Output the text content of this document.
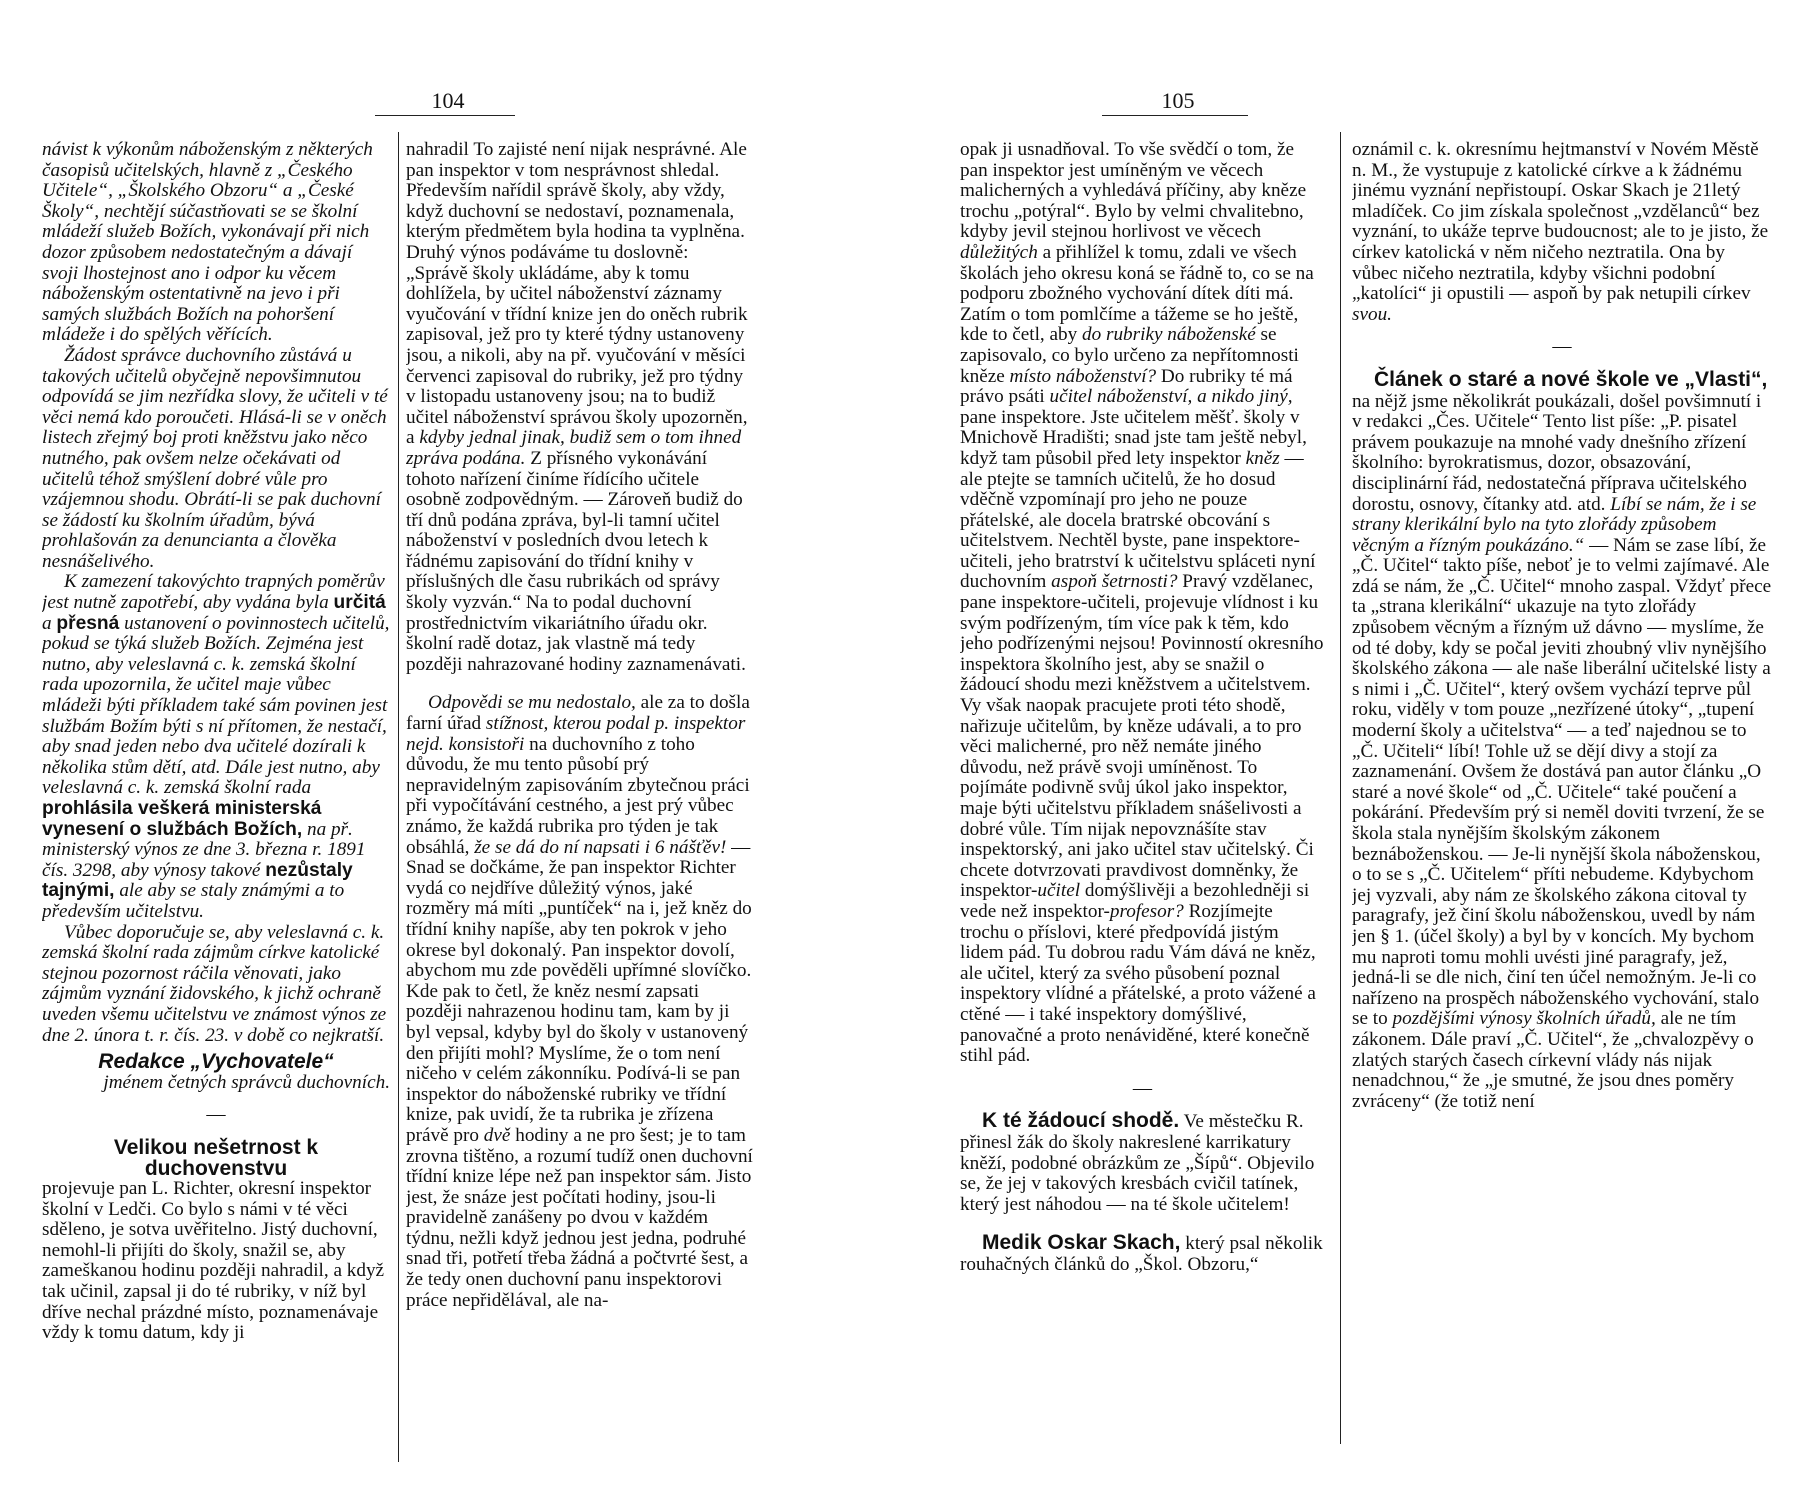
104

návist k výkonům náboženským z některých časopisů učitelských, hlavně z „Českého Učitele“, „Školského Obzoru“ a „České Školy“, nechtějí súčastňovati se se školní mládeží služeb Božích, vykonávají při nich dozor způsobem nedostatečným a dávají svoji lhostejnost ano i odpor ku věcem náboženským ostentativně na jevo i při samých službách Božích na pohoršení mládeže i do spělých věřících.

Žádost správce duchovního zůstává u takových učitelů obyčejně nepovšimnutou odpovídá se jim nezřídka slovy, že učiteli v té věci nemá kdo poroučeti. Hlásá-li se v oněch listech zřejmý boj proti kněžstvu jako něco nutného, pak ovšem nelze očekávati od učitelů téhož smýšlení dobré vůle pro vzájemnou shodu. Obrátí-li se pak duchovní se žádostí ku školním úřadům, bývá prohlašován za denuncianta a člověka nesnášelivého.

K zamezení takovýchto trapných poměrův jest nutně zapotřebí, aby vydána byla určitá a přesná ustanovení o povinnostech učitelů, pokud se týká služeb Božích. Zejména jest nutno, aby veleslavná c. k. zemská školní rada upozornila, že učitel maje vůbec mládeži býti příkladem také sám povinen jest službám Božím býti s ní přítomen, že nestačí, aby snad jeden nebo dva učitelé dozírali k několika stům dětí, atd. Dále jest nutno, aby veleslavná c. k. zemská školní rada prohlásila veškerá ministerská vynesení o službách Božích, na př. ministerský výnos ze dne 3. března r. 1891 čís. 3298, aby výnosy takové nezůstaly tajnými, ale aby se staly známými a to především učitelstvu.

Vůbec doporučuje se, aby veleslavná c. k. zemská školní rada zájmům církve katolické stejnou pozornost ráčila věnovati, jako zájmům vyznání židovského, k jichž ochraně uveden všemu učitelstvu ve známost výnos ze dne 2. února t. r. čís. 23. v době co nejkratší.

Redakce „Vychovatele“
jménem četných správců duchovních.
—
Velikou nešetrnost k duchovenstvu

projevuje pan L. Richter, okresní inspektor školní v Ledči. Co bylo s námi v té věci sděleno, je sotva uvěřitelno. Jistý duchovní, nemohl-li přijíti do školy, snažil se, aby zameškanou hodinu později nahradil, a když tak učinil, zapsal ji do té rubriky, v níž byl dříve nechal prázdné místo, poznamenávaje vždy k tomu datum, kdy ji

nahradil To zajisté není nijak nesprávné. Ale pan inspektor v tom nesprávnost shledal. Především nařídil správě školy, aby vždy, když duchovní se nedostaví, poznamenala, kterým předmětem byla hodina ta vyplněna. Druhý výnos podáváme tu doslovně: „Správě školy ukládáme, aby k tomu dohlížela, by učitel náboženství záznamy vyučování v třídní knize jen do oněch rubrik zapisoval, jež pro ty které týdny ustanoveny jsou, a nikoli, aby na př. vyučování v měsíci červenci zapisoval do rubriky, jež pro týdny v listopadu ustanoveny jsou; na to budiž učitel náboženství správou školy upozorněn, a kdyby jednal jinak, budiž sem o tom ihned zpráva podána. Z přísného vykonávání tohoto nařízení činíme řídícího učitele osobně zodpovědným. — Zároveň budiž do tří dnů podána zpráva, byl-li tamní učitel náboženství v posledních dvou letech k řádnému zapisování do třídní knihy v příslušných dle času rubrikách od správy školy vyzván.“ Na to podal duchovní prostřednictvím vikariátního úřadu okr. školní radě dotaz, jak vlastně má tedy později nahrazované hodiny zaznamenávati.

Odpovědi se mu nedostalo, ale za to došla farní úřad stížnost, kterou podal p. inspektor nejd. konsistoři na duchovního z toho důvodu, že mu tento působí prý nepravidelným zapisováním zbytečnou práci při vypočítávání cestného, a jest prý vůbec známo, že každá rubrika pro týden je tak obsáhlá, že se dá do ní napsati i 6 nášťěv! — Snad se dočkáme, že pan inspektor Richter vydá co nejdříve důležitý výnos, jaké rozměry má míti „puntíček“ na i, jež kněz do třídní knihy napíše, aby ten pokrok v jeho okrese byl dokonalý. Pan inspektor dovolí, abychom mu zde pověděli upřímné slovíčko. Kde pak to četl, že kněz nesmí zapsati později nahrazenou hodinu tam, kam by ji byl vepsal, kdyby byl do školy v ustanovený den přijíti mohl? Myslíme, že o tom není ničeho v celém zákonníku. Podívá-li se pan inspektor do náboženské rubriky ve třídní knize, pak uvidí, že ta rubrika je zřízena právě pro dvě hodiny a ne pro šest; je to tam zrovna tištěno, a rozumí tudíž onen duchovní třídní knize lépe než pan inspektor sám. Jisto jest, že snáze jest počítati hodiny, jsou-li pravidelně zanášeny po dvou v každém týdnu, nežli když jednou jest jedna, podruhé snad tři, potřetí třeba žádná a počtvrté šest, a že tedy onen duchovní panu inspektorovi práce nepřidělával, ale na-

105

opak ji usnadňoval. To vše svědčí o tom, že pan inspektor jest umíněným ve věcech malicherných a vyhledává příčiny, aby kněze trochu „potýral“. Bylo by velmi chvalitebno, kdyby jevil stejnou horlivost ve věcech důležitých a přihlížel k tomu, zdali ve všech školách jeho okresu koná se řádně to, co se na podporu zbožného vychování dítek díti má. Zatím o tom pomlčíme a tážeme se ho ještě, kde to četl, aby do rubriky náboženské se zapisovalo, co bylo určeno za nepřítomnosti kněze místo náboženství? Do rubriky té má právo psáti učitel náboženství, a nikdo jiný, pane inspektore. Jste učitelem měšť. školy v Mnichově Hradišti; snad jste tam ještě nebyl, když tam působil před lety inspektor kněz — ale ptejte se tamních učitelů, že ho dosud vděčně vzpomínají pro jeho ne pouze přátelské, ale docela bratrské obcování s učitelstvem. Nechtěl byste, pane inspektore-učiteli, jeho bratrství k učitelstvu spláceti nyní duchovním aspoň šetrnosti? Pravý vzdělanec, pane inspektore-učiteli, projevuje vlídnost i ku svým podřízeným, tím více pak k těm, kdo jeho podřízenými nejsou! Povinností okresního inspektora školního jest, aby se snažil o žádoucí shodu mezi kněžstvem a učitelstvem. Vy však naopak pracujete proti této shodě, nařizuje učitelům, by kněze udávali, a to pro věci malicherné, pro něž nemáte jiného důvodu, než právě svoji umíněnost. To pojímáte podivně svůj úkol jako inspektor, maje býti učitelstvu příkladem snášelivosti a dobré vůle. Tím nijak nepovznášíte stav inspektorský, ani jako učitel stav učitelský. Či chcete dotvrzovati pravdivost domněnky, že inspektor-učitel domýšlivěji a bezohledněji si vede než inspektor-profesor? Rozjímejte trochu o příslovi, které předpovídá jistým lidem pád. Tu dobrou radu Vám dává ne kněz, ale učitel, který za svého působení poznal inspektory vlídné a přátelské, a proto vážené a ctěné — i také inspektory domýšlivé, panovačné a proto nenáviděné, které konečně stihl pád.

—

K té žádoucí shodě. Ve městečku R. přinesl žák do školy nakreslené karrikatury kněží, podobné obrázkům ze „Šípů“. Objevilo se, že jej v takových kresbách cvičil tatínek, který jest náhodou — na té škole učitelem!

Medik Oskar Skach, který psal několik rouhačných článků do „Škol. Obzoru,“

oznámil c. k. okresnímu hejtmanství v Novém Městě n. M., že vystupuje z katolické církve a k žádnému jinému vyznání nepřistoupí. Oskar Skach je 21letý mladíček. Co jim získala společnost „vzdělanců“ bez vyznání, to ukáže teprve budoucnost; ale to je jisto, že církev katolická v něm ničeho neztratila. Ona by vůbec ničeho neztratila, kdyby všichni podobní „katolíci“ ji opustili — aspoň by pak netupili církev svou.

—

Článek o staré a nové škole ve „Vlasti“, na nějž jsme několikrát poukázali, došel povšimnutí i v redakci „Čes. Učitele“ Tento list píše: „P. pisatel právem poukazuje na mnohé vady dnešního zřízení školního: byrokratismus, dozor, obsazování, disciplinární řád, nedostatečná příprava učitelského dorostu, osnovy, čítanky atd. atd. Líbí se nám, že i se strany klerikální bylo na tyto zlořády způsobem věcným a řízným poukázáno.“ — Nám se zase líbí, že „Č. Učitel“ takto píše, neboť je to velmi zajímavé. Ale zdá se nám, že „Č. Učitel“ mnoho zaspal. Vždyť přece ta „strana klerikální“ ukazuje na tyto zlořády způsobem věcným a řízným už dávno — myslíme, že od té doby, kdy se počal jeviti zhoubný vliv nynějšího školského zákona — ale naše liberální učitelské listy a s nimi i „Č. Učitel“, který ovšem vychází teprve půl roku, viděly v tom pouze „nezřízené útoky“, „tupení moderní školy a učitelstva“ — a teď najednou se to „Č. Učiteli“ líbí! Tohle už se dějí divy a stojí za zaznamenání. Ovšem že dostává pan autor článku „O staré a nové škole“ od „Č. Učitele“ také poučení a pokárání. Především prý si neměl doviti tvrzení, že se škola stala nynějším školským zákonem beznáboženskou. — Je-li nynější škola náboženskou, o to se s „Č. Učitelem“ příti nebudeme. Kdybychom jej vyzvali, aby nám ze školského zákona citoval ty paragrafy, jež činí školu náboženskou, uvedl by nám jen § 1. (účel školy) a byl by v koncích. My bychom mu naproti tomu mohli uvésti jiné paragrafy, jež, jedná-li se dle nich, činí ten účel nemožným. Je-li co nařízeno na prospěch náboženského vychování, stalo se to pozdějšími výnosy školních úřadů, ale ne tím zákonem. Dále praví „Č. Učitel“, že „chvalozpěvy o zlatých starých časech církevní vlády nás nijak nenadchnou,“ že „je smutné, že jsou dnes poměry zvráceny“ (že totiž není
